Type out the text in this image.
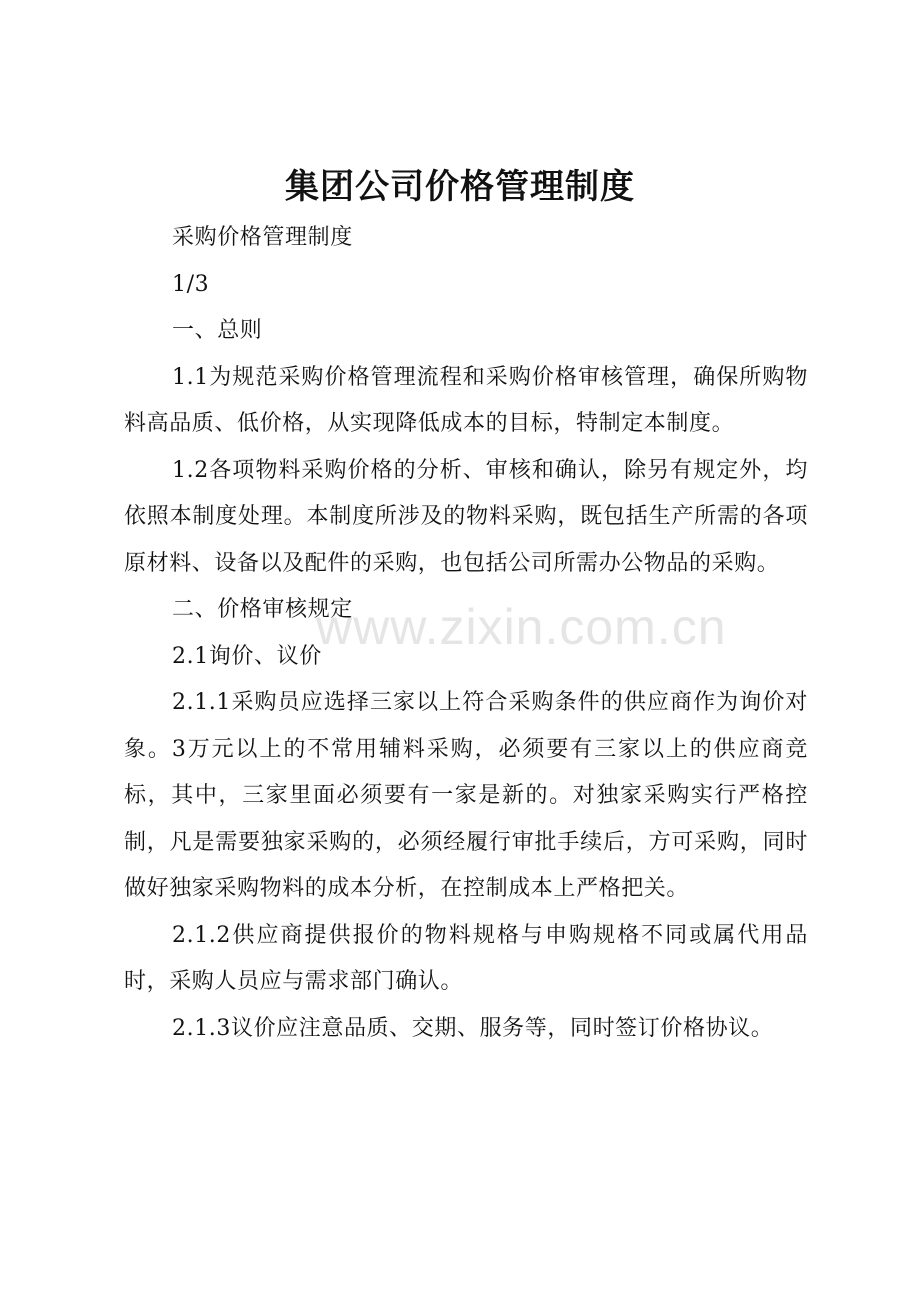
集团公司价格管理制度

采购价格管理制度

1/3

一、总则

1.1为规范采购价格管理流程和采购价格审核管理，确保所购物料高品质、低价格，从实现降低成本的目标，特制定本制度。

1.2各项物料采购价格的分析、审核和确认，除另有规定外，均依照本制度处理。本制度所涉及的物料采购，既包括生产所需的各项原材料、设备以及配件的采购，也包括公司所需办公物品的采购。

二、价格审核规定

2.1询价、议价

2.1.1采购员应选择三家以上符合采购条件的供应商作为询价对象。3万元以上的不常用辅料采购，必须要有三家以上的供应商竞标，其中，三家里面必须要有一家是新的。对独家采购实行严格控制，凡是需要独家采购的，必须经履行审批手续后，方可采购，同时做好独家采购物料的成本分析，在控制成本上严格把关。

2.1.2供应商提供报价的物料规格与申购规格不同或属代用品时，采购人员应与需求部门确认。

2.1.3议价应注意品质、交期、服务等，同时签订价格协议。

www.zixin.com.cn
